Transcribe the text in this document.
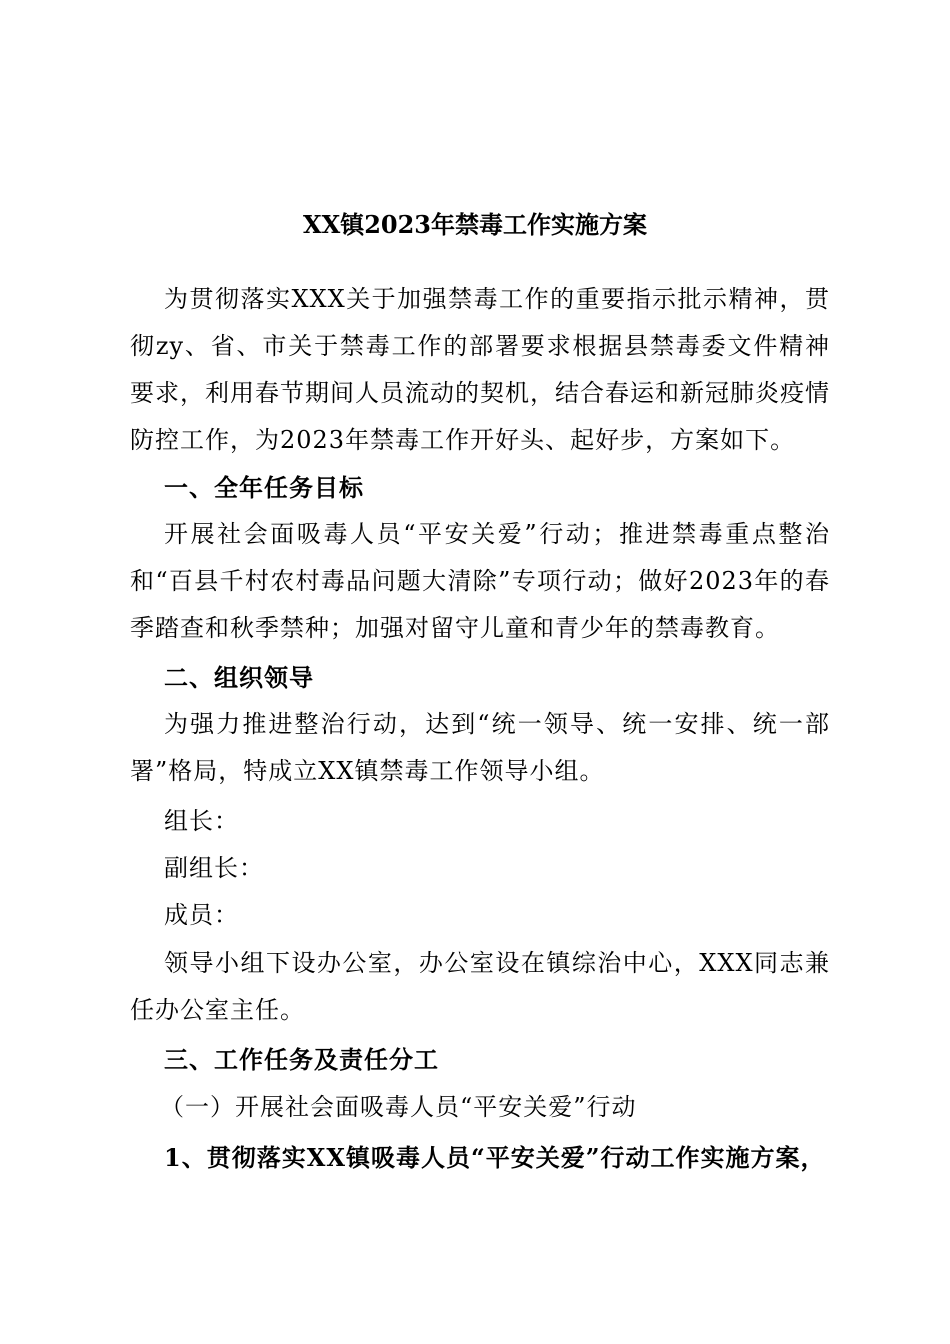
XX镇2023年禁毒工作实施方案

为贯彻落实XXX关于加强禁毒工作的重要指示批示精神，贯彻zy、省、市关于禁毒工作的部署要求根据县禁毒委文件精神要求，利用春节期间人员流动的契机，结合春运和新冠肺炎疫情防控工作，为2023年禁毒工作开好头、起好步，方案如下。

一、全年任务目标

开展社会面吸毒人员“平安关爱”行动；推进禁毒重点整治和“百县千村农村毒品问题大清除”专项行动；做好2023年的春季踏查和秋季禁种；加强对留守儿童和青少年的禁毒教育。

二、组织领导

为强力推进整治行动，达到“统一领导、统一安排、统一部署”格局，特成立XX镇禁毒工作领导小组。

组长：

副组长：

成员：

领导小组下设办公室，办公室设在镇综治中心，XXX同志兼任办公室主任。

三、工作任务及责任分工

（一）开展社会面吸毒人员“平安关爱”行动

1、贯彻落实XX镇吸毒人员“平安关爱”行动工作实施方案，
